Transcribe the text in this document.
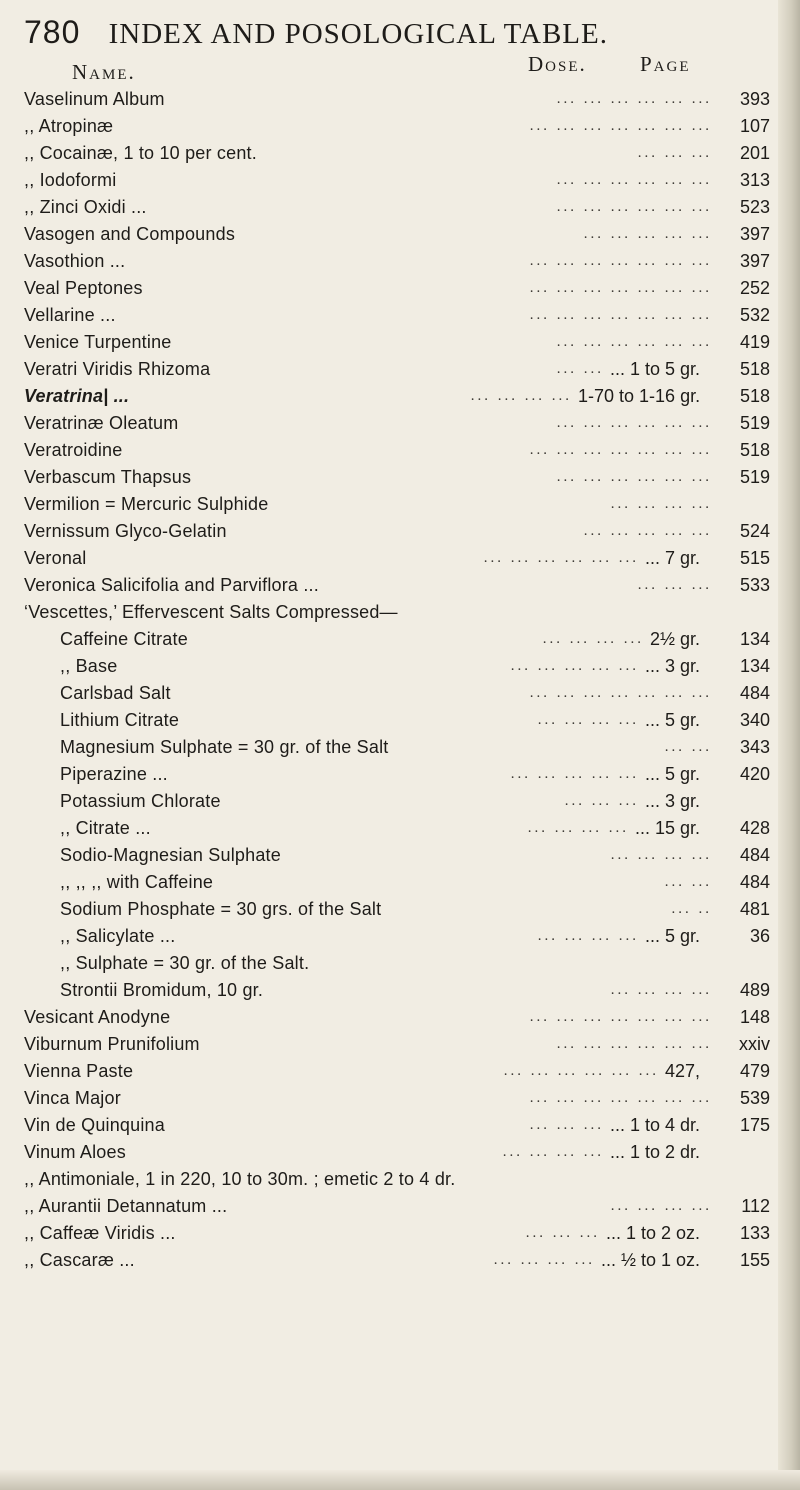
780 INDEX AND POSOLOGICAL TABLE.
Name.	Dose.	Page
Vaselinum Album	... ... ... ... ... ... 393
,, Atropinæ	... ... ... ... ... ... ... 107
,, Cocainæ, 1 to 10 per cent.	... ... ... 201
,, Iodoformi	... ... ... ... ... ... 313
,, Zinci Oxidi ...	... ... ... ... ... ... 523
Vasogen and Compounds	... ... ... ... ... 397
Vasothion ...	... ... ... ... ... ... ... 397
Veal Peptones	... ... ... ... ... ... ... 252
Vellarine ...	... ... ... ... ... ... ... 532
Venice Turpentine	... ... ... ... ... ... 419
Veratri Viridis Rhizoma	... ... ... 1 to 5 gr. 518
Veratrina| ...	... ... ... ... 1-70 to 1-16 gr. 518
Veratrinæ Oleatum	... ... ... ... ... ... 519
Veratroidine	... ... ... ... ... ... ... 518
Verbascum Thapsus	... ... ... ... ... ... 519
Vermilion = Mercuric Sulphide	... ... ... ...
Vernissum Glyco-Gelatin	... ... ... ... ... 524
Veronal	... ... ... ... ... ... ... 7 gr. 515
Veronica Salicifolia and Parviflora ...	... ... ... 533
‘Vescettes,’ Effervescent Salts Compressed—
Caffeine Citrate	... ... ... ... 2½ gr. 134
,, Base	... ... ... ... ... ... 3 gr. 134
Carlsbad Salt	... ... ... ... ... ... ... 484
Lithium Citrate	... ... ... ... ... 5 gr. 340
Magnesium Sulphate = 30 gr. of the Salt	... ... 343
Piperazine ...	... ... ... ... ... ... 5 gr. 420
Potassium Chlorate	... ... ... ... 3 gr.
,, Citrate ...	... ... ... ... ... 15 gr. 428
Sodio-Magnesian Sulphate	... ... ... ... 484
,, ,, ,, with Caffeine	... ... 484
Sodium Phosphate = 30 grs. of the Salt	... .. 481
,, Salicylate ...	... ... ... ... ... 5 gr.	36
,, Sulphate = 30 gr. of the Salt.
Strontii Bromidum, 10 gr.	... ... ... ... 489
Vesicant Anodyne	... ... ... ... ... ... ... 148
Viburnum Prunifolium	... ... ... ... ... ... xxiv
Vienna Paste	... ... ... ... ... ... 427, 479
Vinca Major	... ... ... ... ... ... ... 539
Vin de Quinquina	... ... ... ... 1 to 4 dr. 175
Vinum Aloes	... ... ... ... ... 1 to 2 dr.
,, Antimoniale, 1 in 220, 10 to 30m. ; emetic 2 to 4 dr.
,, Aurantii Detannatum ...	... ... ... ... 112
,, Caffeæ Viridis ...	... ... ... ... 1 to 2 oz. 133
,, Cascaræ ...	... ... ... ... ... ½ to 1 oz. 155
